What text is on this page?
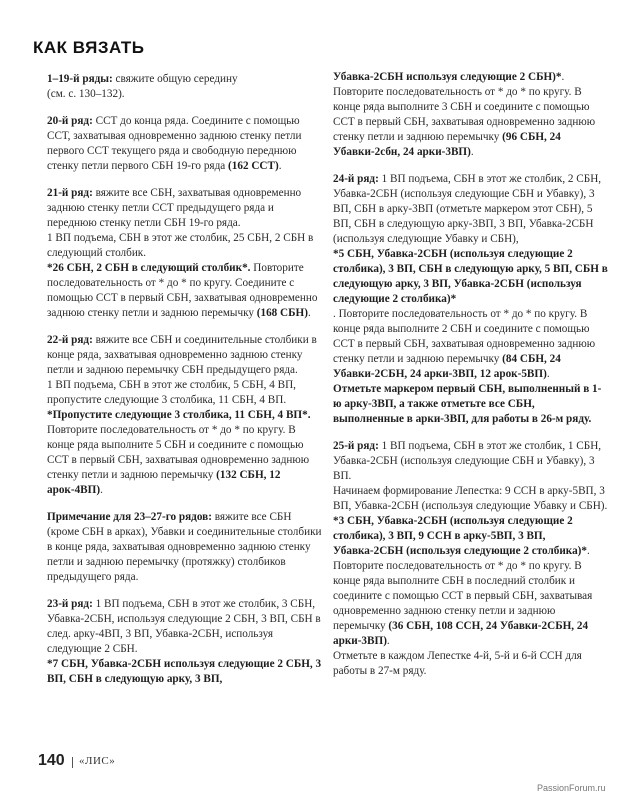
КАК ВЯЗАТЬ

1–19-й ряды: свяжите общую середину
(см. с. 130–132).

20-й ряд: ССТ до конца ряда. Соедините с помощью ССТ, захватывая одновременно заднюю стенку петли первого ССТ текущего ряда и свободную переднюю стенку петли первого СБН 19-го ряда (162 ССТ).

21-й ряд: вяжите все СБН, захватывая одновременно заднюю стенку петли ССТ предыдущего ряда и переднюю стенку петли СБН 19-го ряда.
1 ВП подъема, СБН в этот же столбик, 25 СБН, 2 СБН в следующий столбик.
*26 СБН, 2 СБН в следующий столбик*. Повторите последовательность от * до * по кругу. Соедините с помощью ССТ в первый СБН, захватывая одновременно заднюю стенку петли и заднюю перемычку (168 СБН).

22-й ряд: вяжите все СБН и соединительные столбики в конце ряда, захватывая одновременно заднюю стенку петли и заднюю перемычку СБН предыдущего ряда.
1 ВП подъема, СБН в этот же столбик, 5 СБН, 4 ВП, пропустите следующие 3 столбика, 11 СБН, 4 ВП.
*Пропустите следующие 3 столбика, 11 СБН, 4 ВП*. Повторите последовательность от * до * по кругу. В конце ряда выполните 5 СБН и соедините с помощью ССТ в первый СБН, захватывая одновременно заднюю стенку петли и заднюю перемычку (132 СБН, 12 арок-4ВП).

Примечание для 23–27-го рядов: вяжите все СБН (кроме СБН в арках), Убавки и соединительные столбики в конце ряда, захватывая одновременно заднюю стенку петли и заднюю перемычку (протяжку) столбиков предыдущего ряда.

23-й ряд: 1 ВП подъема, СБН в этот же столбик, 3 СБН, Убавка-2СБН, используя следующие 2 СБН, 3 ВП, СБН в след. арку-4ВП, 3 ВП, Убавка-2СБН, используя следующие 2 СБН.
*7 СБН, Убавка-2СБН используя следующие 2 СБН, 3 ВП, СБН в следующую арку, 3 ВП,

Убавка-2СБН используя следующие 2 СБН)*. Повторите последовательность от * до * по кругу. В конце ряда выполните 3 СБН и соедините с помощью ССТ в первый СБН, захватывая одновременно заднюю стенку петли и заднюю перемычку (96 СБН, 24 Убавки-2сбн, 24 арки-3ВП).

24-й ряд: 1 ВП подъема, СБН в этот же столбик, 2 СБН, Убавка-2СБН (используя следующие СБН и Убавку), 3 ВП, СБН в арку-3ВП (отметьте маркером этот СБН), 5 ВП, СБН в следующую арку-3ВП, 3 ВП, Убавка-2СБН (используя следующие Убавку и СБН),
*5 СБН, Убавка-2СБН (используя следующие 2 столбика), 3 ВП, СБН в следующую арку, 5 ВП, СБН в следующую арку, 3 ВП, Убавка-2СБН (используя следующие 2 столбика)*
. Повторите последовательность от * до * по кругу. В конце ряда выполните 2 СБН и соедините с помощью ССТ в первый СБН, захватывая одновременно заднюю стенку петли и заднюю перемычку (84 СБН, 24 Убавки-2СБН, 24 арки-3ВП, 12 арок-5ВП).
Отметьте маркером первый СБН, выполненный в 1-ю арку-3ВП, а также отметьте все СБН, выполненные в арки-3ВП, для работы в 26-м ряду.

25-й ряд: 1 ВП подъема, СБН в этот же столбик, 1 СБН, Убавка-2СБН (используя следующие СБН и Убавку), 3 ВП.
Начинаем формирование Лепестка: 9 ССН в арку-5ВП, 3 ВП, Убавка-2СБН (используя следующие Убавку и СБН).
*3 СБН, Убавка-2СБН (используя следующие 2 столбика), 3 ВП, 9 ССН в арку-5ВП, 3 ВП, Убавка-2СБН (используя следующие 2 столбика)*. Повторите последовательность от * до * по кругу. В конце ряда выполните СБН в последний столбик и соедините с помощью ССТ в первый СБН, захватывая одновременно заднюю стенку петли и заднюю перемычку (36 СБН, 108 ССН, 24 Убавки-2СБН, 24 арки-3ВП).
Отметьте в каждом Лепестке 4-й, 5-й и 6-й ССН для работы в 27-м ряду.

140 «ЛИС»
PassionForum.ru
